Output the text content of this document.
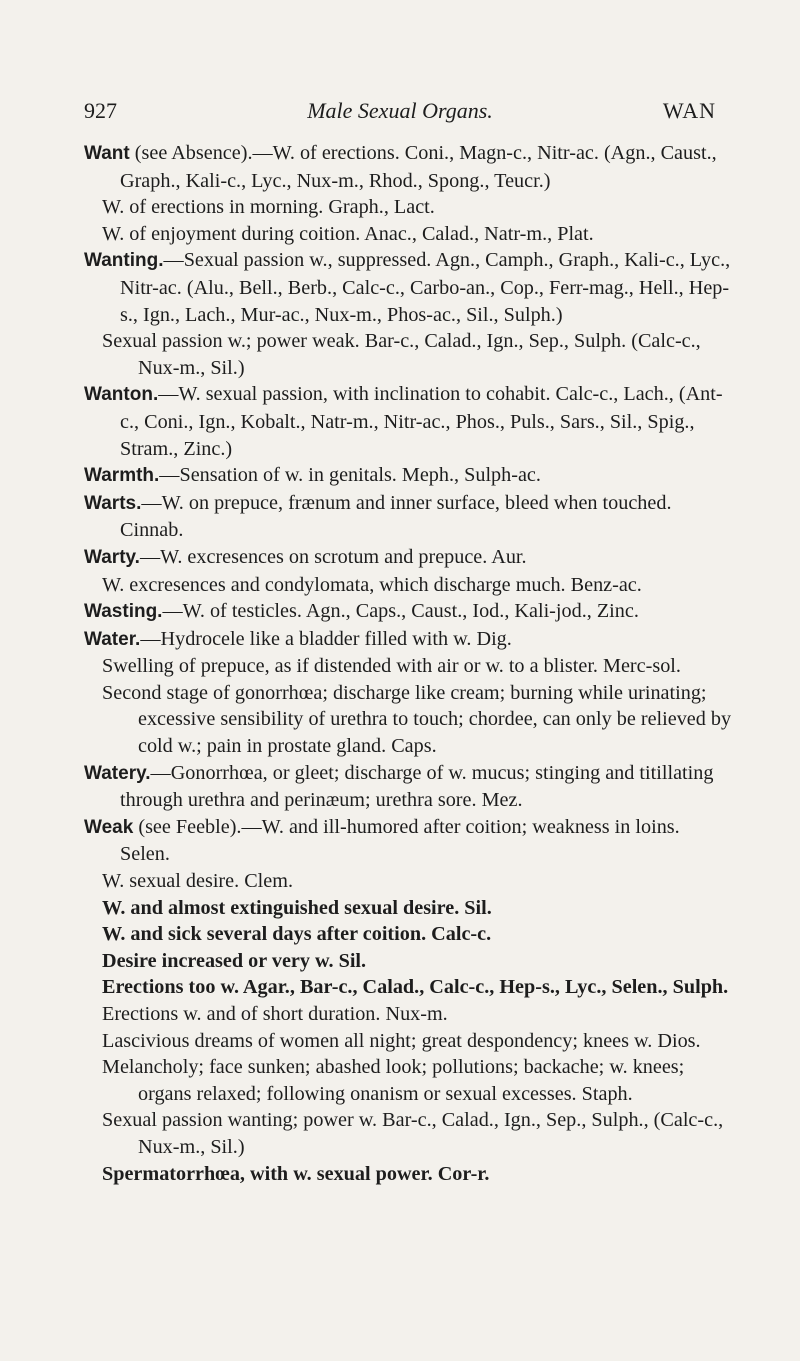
927	Male Sexual Organs.	WAN

Want (see Absence).—W. of erections. Coni., Magn-c., Nitr-ac. (Agn., Caust., Graph., Kali-c., Lyc., Nux-m., Rhod., Spong., Teucr.)

W. of erections in morning. Graph., Lact.

W. of enjoyment during coition. Anac., Calad., Natr-m., Plat.

Wanting.—Sexual passion w., suppressed. Agn., Camph., Graph., Kali-c., Lyc., Nitr-ac. (Alu., Bell., Berb., Calc-c., Carbo-an., Cop., Ferr-mag., Hell., Hep-s., Ign., Lach., Mur-ac., Nux-m., Phos-ac., Sil., Sulph.)

Sexual passion w.; power weak. Bar-c., Calad., Ign., Sep., Sulph. (Calc-c., Nux-m., Sil.)

Wanton.—W. sexual passion, with inclination to cohabit. Calc-c., Lach., (Ant-c., Coni., Ign., Kobalt., Natr-m., Nitr-ac., Phos., Puls., Sars., Sil., Spig., Stram., Zinc.)

Warmth.—Sensation of w. in genitals. Meph., Sulph-ac.

Warts.—W. on prepuce, frænum and inner surface, bleed when touched. Cinnab.

Warty.—W. excresences on scrotum and prepuce. Aur.

W. excresences and condylomata, which discharge much. Benz-ac.

Wasting.—W. of testicles. Agn., Caps., Caust., Iod., Kali-jod., Zinc.

Water.—Hydrocele like a bladder filled with w. Dig.

Swelling of prepuce, as if distended with air or w. to a blister. Merc-sol.

Second stage of gonorrhœa; discharge like cream; burning while urinating; excessive sensibility of urethra to touch; chordee, can only be relieved by cold w.; pain in prostate gland. Caps.

Watery.—Gonorrhœa, or gleet; discharge of w. mucus; stinging and titillating through urethra and perinæum; urethra sore. Mez.

Weak (see Feeble).—W. and ill-humored after coition; weakness in loins. Selen.

W. sexual desire. Clem.

W. and almost extinguished sexual desire. Sil.

W. and sick several days after coition. Calc-c.

Desire increased or very w. Sil.

Erections too w. Agar., Bar-c., Calad., Calc-c., Hep-s., Lyc., Selen., Sulph.

Erections w. and of short duration. Nux-m.

Lascivious dreams of women all night; great despondency; knees w. Dios.

Melancholy; face sunken; abashed look; pollutions; backache; w. knees; organs relaxed; following onanism or sexual excesses. Staph.

Sexual passion wanting; power w. Bar-c., Calad., Ign., Sep., Sulph., (Calc-c., Nux-m., Sil.)

Spermatorrhœa, with w. sexual power. Cor-r.
